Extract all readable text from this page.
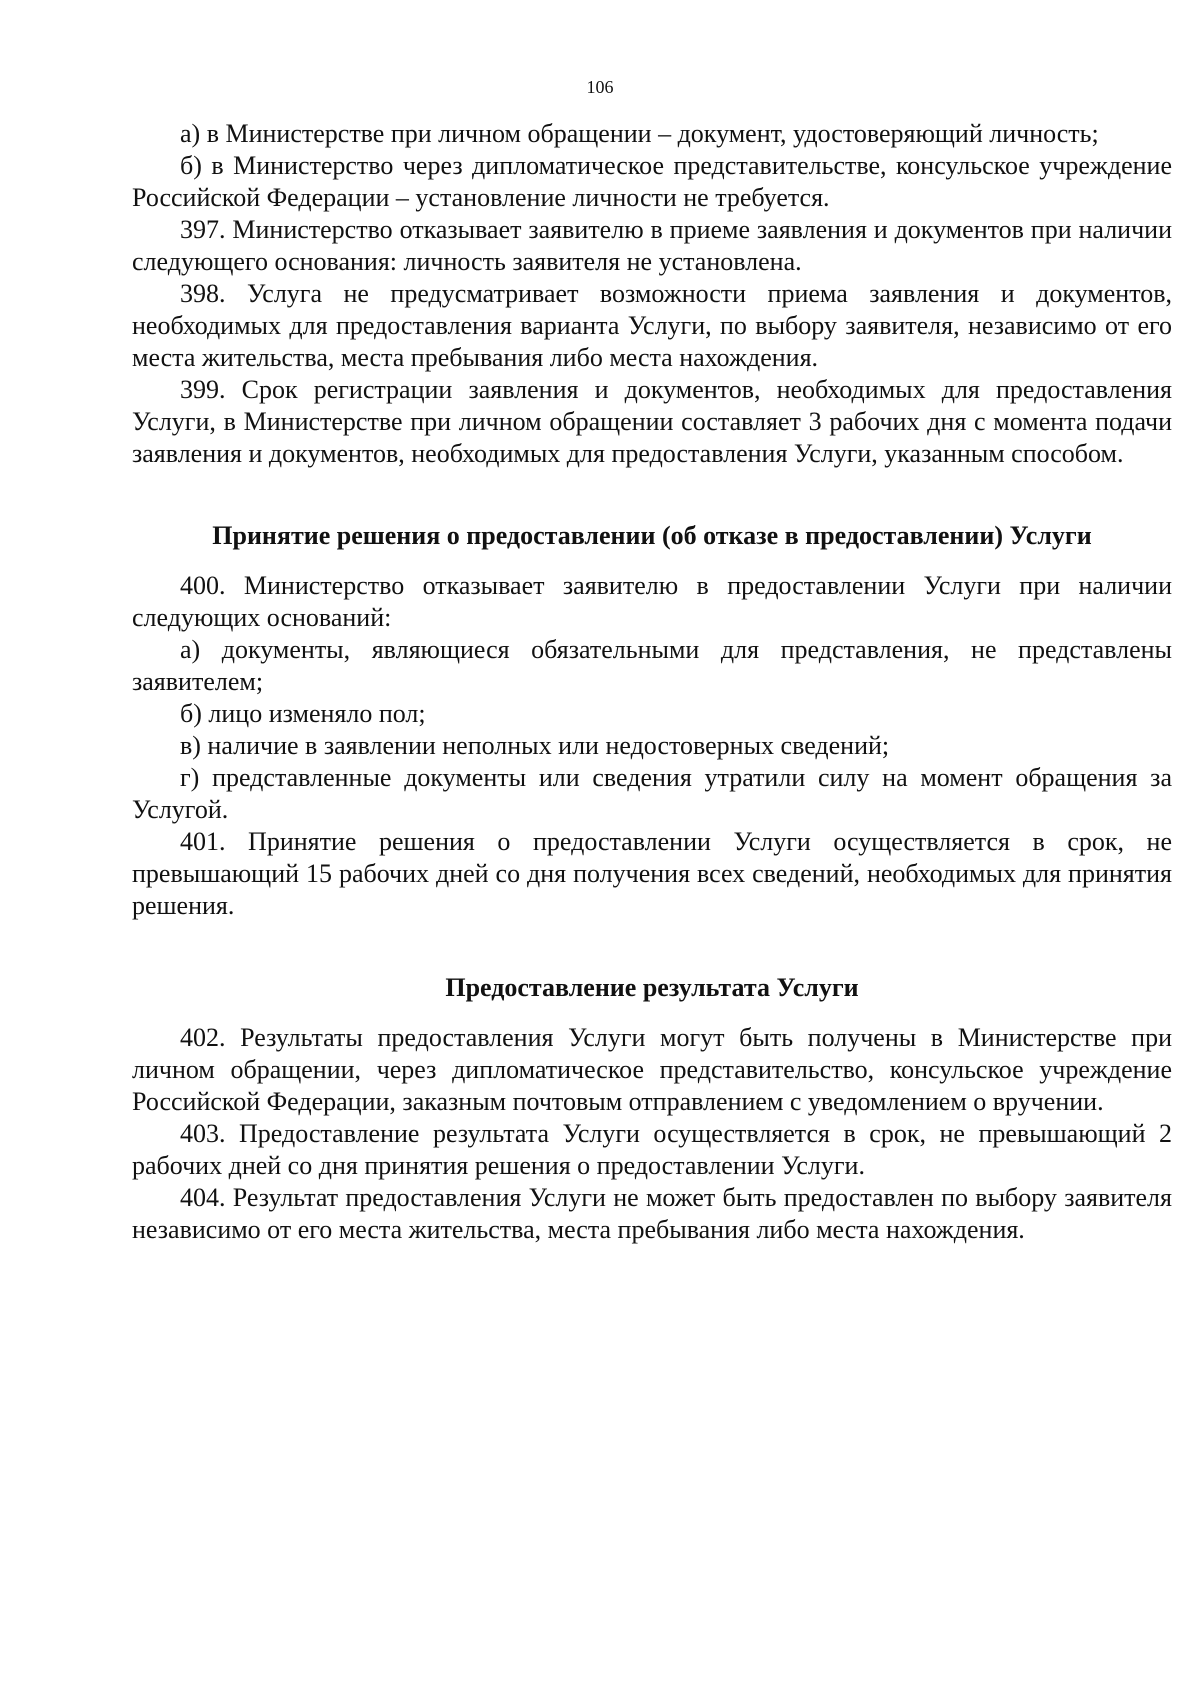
106

а) в Министерстве при личном обращении – документ, удостоверяющий личность;

б) в Министерство через дипломатическое представительстве, консульское учреждение Российской Федерации – установление личности не требуется.

397. Министерство отказывает заявителю в приеме заявления и документов при наличии следующего основания: личность заявителя не установлена.

398. Услуга не предусматривает возможности приема заявления и документов, необходимых для предоставления варианта Услуги, по выбору заявителя, независимо от его места жительства, места пребывания либо места нахождения.

399. Срок регистрации заявления и документов, необходимых для предоставления Услуги, в Министерстве при личном обращении составляет 3 рабочих дня с момента подачи заявления и документов, необходимых для предоставления Услуги, указанным способом.

Принятие решения о предоставлении (об отказе в предоставлении) Услуги

400. Министерство отказывает заявителю в предоставлении Услуги при наличии следующих оснований:

а) документы, являющиеся обязательными для представления, не представлены заявителем;

б) лицо изменяло пол;

в) наличие в заявлении неполных или недостоверных сведений;

г) представленные документы или сведения утратили силу на момент обращения за Услугой.

401. Принятие решения о предоставлении Услуги осуществляется в срок, не превышающий 15 рабочих дней со дня получения всех сведений, необходимых для принятия решения.

Предоставление результата Услуги

402. Результаты предоставления Услуги могут быть получены в Министерстве при личном обращении, через дипломатическое представительство, консульское учреждение Российской Федерации, заказным почтовым отправлением с уведомлением о вручении.

403. Предоставление результата Услуги осуществляется в срок, не превышающий 2 рабочих дней со дня принятия решения о предоставлении Услуги.

404. Результат предоставления Услуги не может быть предоставлен по выбору заявителя независимо от его места жительства, места пребывания либо места нахождения.
